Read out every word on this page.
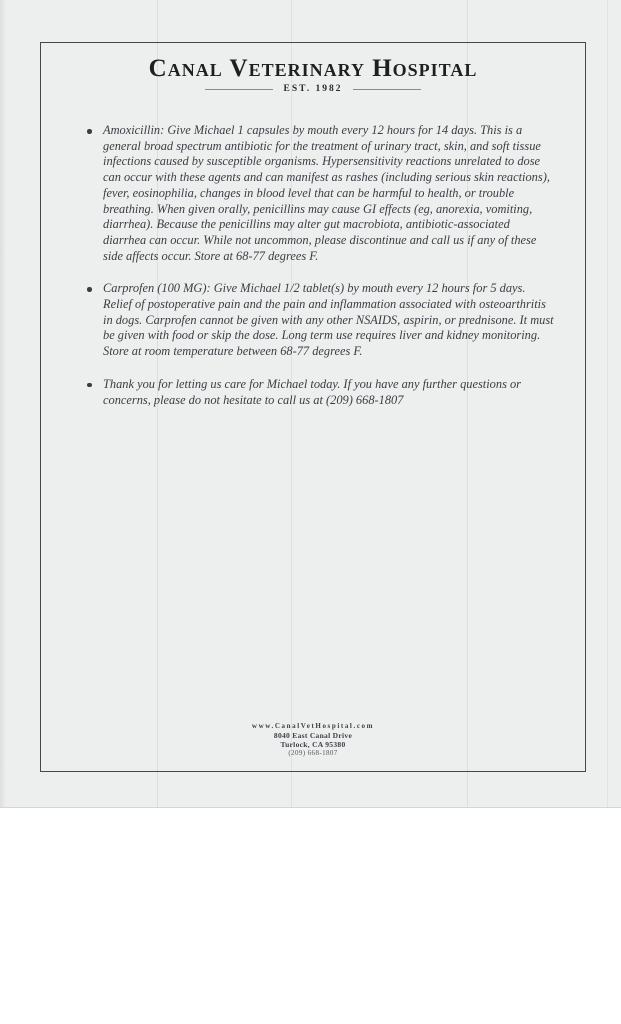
Canal Veterinary Hospital
EST. 1982
Amoxicillin: Give Michael 1 capsules by mouth every 12 hours for 14 days. This is a general broad spectrum antibiotic for the treatment of urinary tract, skin, and soft tissue infections caused by susceptible organisms. Hypersensitivity reactions unrelated to dose can occur with these agents and can manifest as rashes (including serious skin reactions), fever, eosinophilia, changes in blood level that can be harmful to health, or trouble breathing. When given orally, penicillins may cause GI effects (eg, anorexia, vomiting, diarrhea). Because the penicillins may alter gut macrobiota, antibiotic-associated diarrhea can occur. While not uncommon, please discontinue and call us if any of these side affects occur. Store at 68-77 degrees F.
Carprofen (100 MG): Give Michael 1/2 tablet(s) by mouth every 12 hours for 5 days. Relief of postoperative pain and the pain and inflammation associated with osteoarthritis in dogs. Carprofen cannot be given with any other NSAIDS, aspirin, or prednisone. It must be given with food or skip the dose. Long term use requires liver and kidney monitoring. Store at room temperature between 68-77 degrees F.
Thank you for letting us care for Michael today. If you have any further questions or concerns, please do not hesitate to call us at (209) 668-1807
www.CanalVetHospital.com
8040 East Canal Drive
Turlock, CA 95380
(209) 668-1807
